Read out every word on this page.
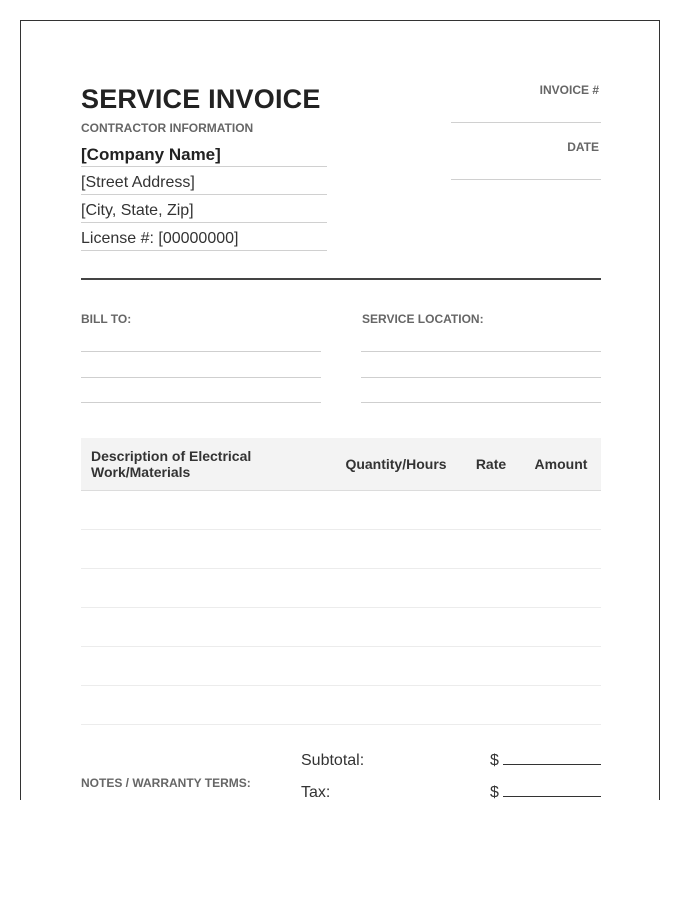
SERVICE INVOICE
CONTRACTOR INFORMATION
[Company Name]
[Street Address]
[City, State, Zip]
License #: [00000000]
INVOICE #
DATE
BILL TO:	SERVICE LOCATION:
Description of Electrical Work/Materials	Quantity/Hours	Rate	Amount
NOTES / WARRANTY TERMS:
Subtotal:	$
Tax:	$
